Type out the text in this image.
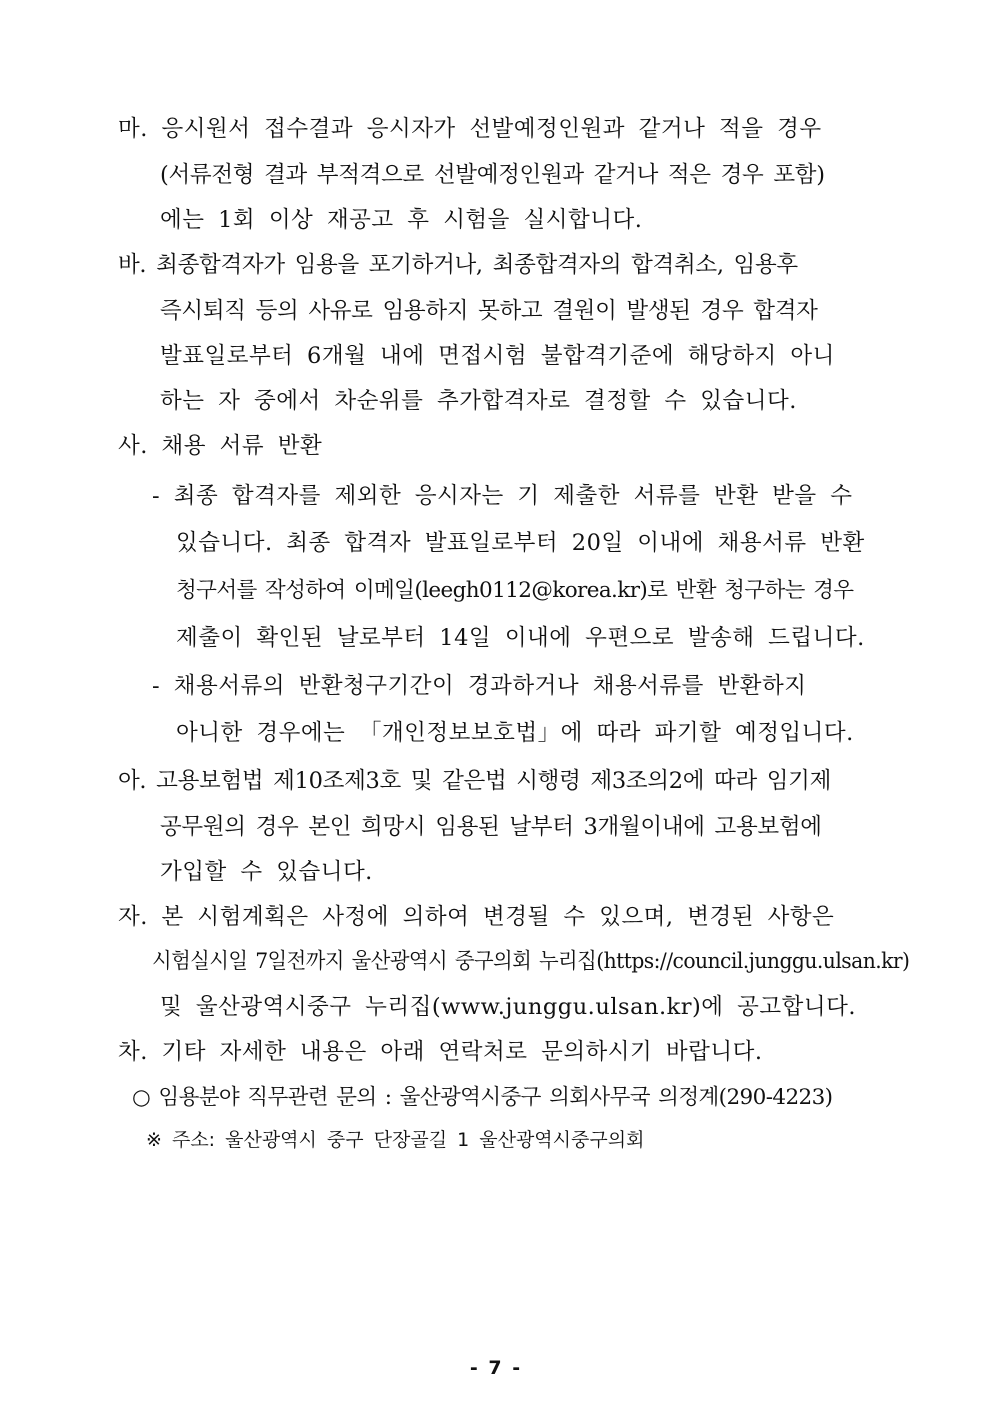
마. 응시원서 접수결과 응시자가 선발예정인원과 같거나 적을 경우
(서류전형 결과 부적격으로 선발예정인원과 같거나 적은 경우 포함)
에는 1회 이상 재공고 후 시험을 실시합니다.
바. 최종합격자가 임용을 포기하거나, 최종합격자의 합격취소, 임용후
즉시퇴직 등의 사유로 임용하지 못하고 결원이 발생된 경우 합격자
발표일로부터 6개월 내에 면접시험 불합격기준에 해당하지 아니
하는 자 중에서 차순위를 추가합격자로 결정할 수 있습니다.
사. 채용 서류 반환
- 최종 합격자를 제외한 응시자는 기 제출한 서류를 반환 받을 수
있습니다. 최종 합격자 발표일로부터 20일 이내에 채용서류 반환
청구서를 작성하여 이메일(leegh0112@korea.kr)로 반환 청구하는 경우
제출이 확인된 날로부터 14일 이내에 우편으로 발송해 드립니다.
- 채용서류의 반환청구기간이 경과하거나 채용서류를 반환하지
아니한 경우에는 「개인정보보호법」에 따라 파기할 예정입니다.
아. 고용보험법 제10조제3호 및 같은법 시행령 제3조의2에 따라 임기제
공무원의 경우 본인 희망시 임용된 날부터 3개월이내에 고용보험에
가입할 수 있습니다.
자. 본 시험계획은 사정에 의하여 변경될 수 있으며, 변경된 사항은
시험실시일 7일전까지 울산광역시 중구의회 누리집(https://council.junggu.ulsan.kr)
및 울산광역시중구 누리집(www.junggu.ulsan.kr)에 공고합니다.
차. 기타 자세한 내용은 아래 연락처로 문의하시기 바랍니다.
○ 임용분야 직무관련 문의 : 울산광역시중구 의회사무국 의정계(290-4223)
※ 주소: 울산광역시 중구 단장골길 1 울산광역시중구의회
- 7 -
